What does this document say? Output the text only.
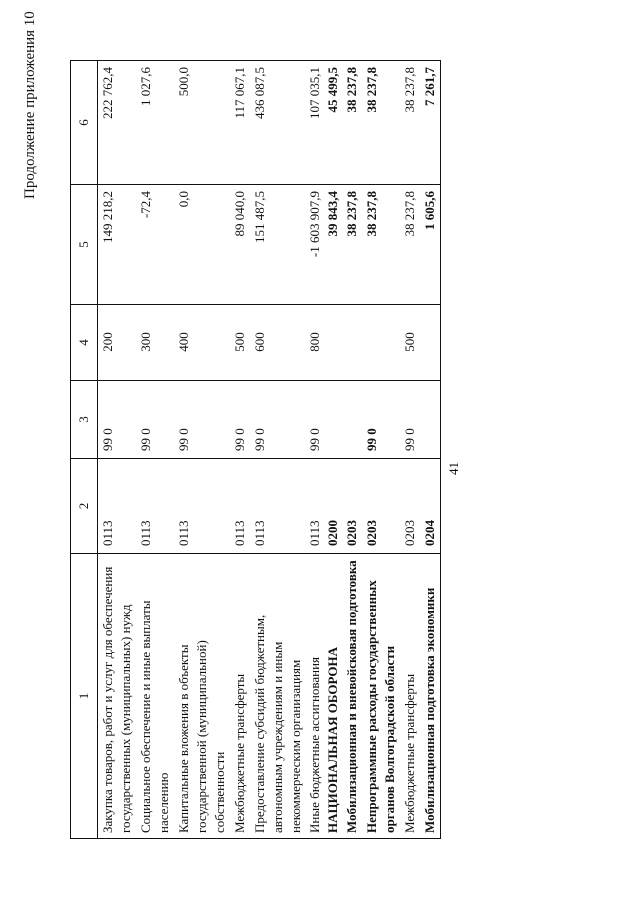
41
Продолжение приложения 10
1	2	3	4	5	6
Закупка товаров, работ и услуг для обеспечения государственных (муниципальных) нужд	0113	99 0	200	149 218,2	222 762,4
Социальное обеспечение и иные выплаты населению	0113	99 0	300	-72,4	1 027,6
Капитальные вложения в объекты государственной (муниципальной) собственности	0113	99 0	400	0,0	500,0
Межбюджетные трансферты	0113	99 0	500	89 040,0	117 067,1
Предоставление субсидий бюджетным, автономным учреждениям и иным некоммерческим организациям	0113	99 0	600	151 487,5	436 087,5
Иные бюджетные ассигнования	0113	99 0	800	-1 603 907,9	107 035,1
НАЦИОНАЛЬНАЯ ОБОРОНА	0200			39 843,4	45 499,5
Мобилизационная и вневойсковая подготовка	0203			38 237,8	38 237,8
Непрограммные расходы государственных органов Волгоградской области	0203	99 0		38 237,8	38 237,8
Межбюджетные трансферты	0203	99 0	500	38 237,8	38 237,8
Мобилизационная подготовка экономики	0204			1 605,6	7 261,7
